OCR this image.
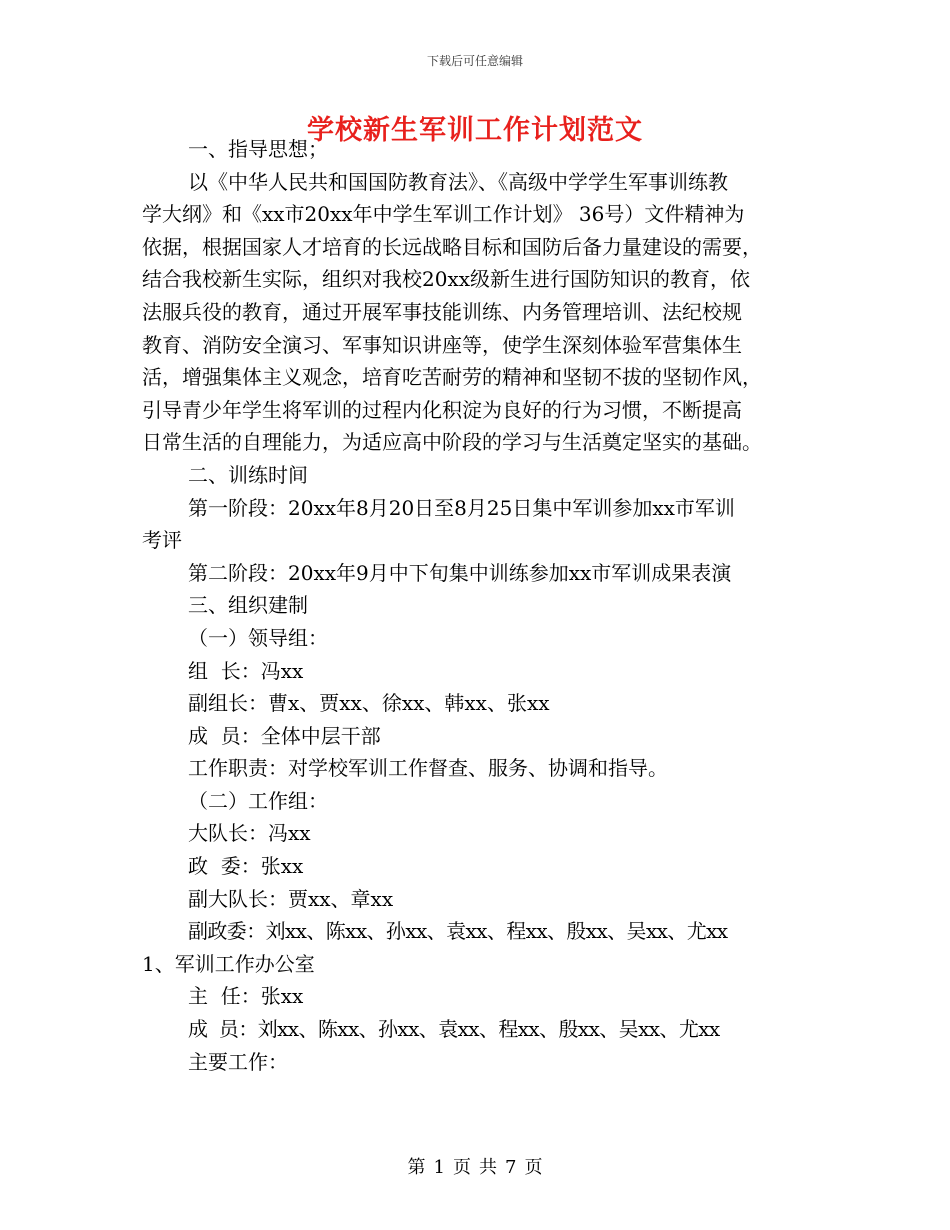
下载后可任意编辑
学校新生军训工作计划范文
一、指导思想；
以《中华人民共和国国防教育法》、《高级中学学生军事训练教
学大纲》和《xx市20xx年中学生军训工作计划》 36号）文件精神为
依据，根据国家人才培育的长远战略目标和国防后备力量建设的需要，
结合我校新生实际，组织对我校20xx级新生进行国防知识的教育，依
法服兵役的教育，通过开展军事技能训练、内务管理培训、法纪校规
教育、消防安全演习、军事知识讲座等，使学生深刻体验军营集体生
活，增强集体主义观念，培育吃苦耐劳的精神和坚韧不拔的坚韧作风，
引导青少年学生将军训的过程内化积淀为良好的行为习惯，不断提高
日常生活的自理能力，为适应高中阶段的学习与生活奠定坚实的基础。
二、训练时间
第一阶段：20xx年8月20日至8月25日集中军训参加xx市军训
考评
第二阶段：20xx年9月中下旬集中训练参加xx市军训成果表演
三、组织建制
（一）领导组：
组  长：冯xx
副组长：曹x、贾xx、徐xx、韩xx、张xx
成  员：全体中层干部
工作职责：对学校军训工作督查、服务、协调和指导。
（二）工作组：
大队长：冯xx
政  委：张xx
副大队长：贾xx、章xx
副政委：刘xx、陈xx、孙xx、袁xx、程xx、殷xx、吴xx、尤xx
1、军训工作办公室
主  任：张xx
成  员：刘xx、陈xx、孙xx、袁xx、程xx、殷xx、吴xx、尤xx
主要工作：
第 1 页 共 7 页
